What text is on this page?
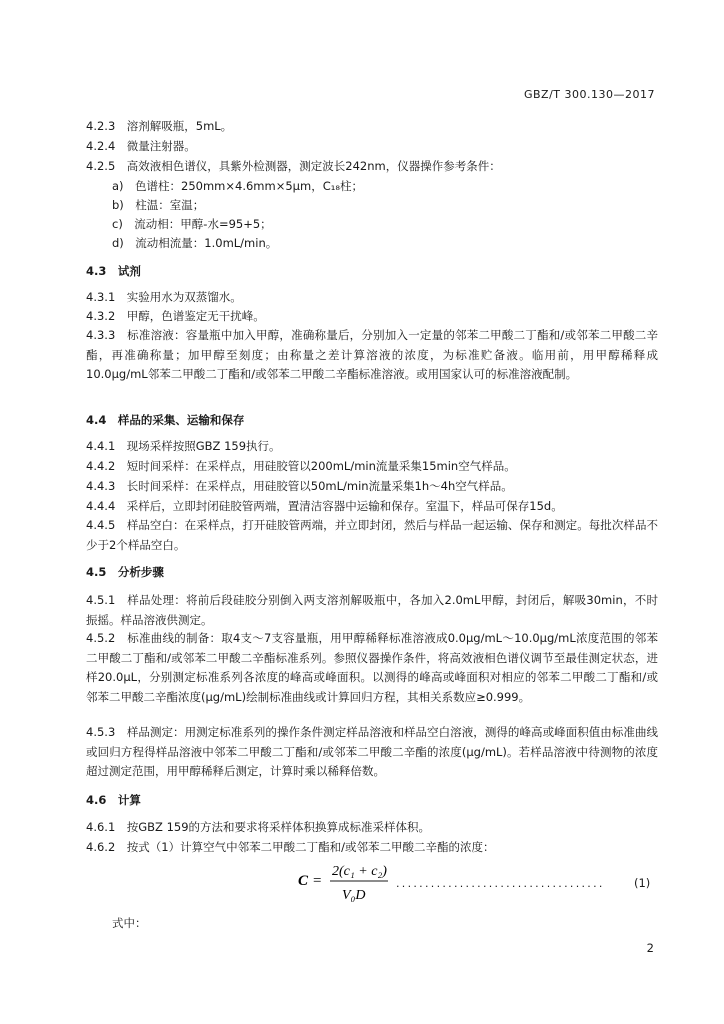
GBZ/T 300.130—2017
4.2.3　溶剂解吸瓶，5mL。
4.2.4　微量注射器。
4.2.5　高效液相色谱仪，具紫外检测器，测定波长242nm，仪器操作参考条件：
a)　色谱柱：250mm×4.6mm×5μm，C₁₈柱；
b)　柱温：室温；
c)　流动相：甲醇-水=95+5；
d)　流动相流量：1.0mL/min。
4.3　试剂
4.3.1　实验用水为双蒸馏水。
4.3.2　甲醇，色谱鉴定无干扰峰。
4.3.3　标准溶液：容量瓶中加入甲醇，准确称量后，分别加入一定量的邻苯二甲酸二丁酯和/或邻苯二甲酸二辛酯，再准确称量；加甲醇至刻度；由称量之差计算溶液的浓度，为标准贮备液。临用前，用甲醇稀释成10.0μg/mL邻苯二甲酸二丁酯和/或邻苯二甲酸二辛酯标准溶液。或用国家认可的标准溶液配制。
4.4　样品的采集、运输和保存
4.4.1　现场采样按照GBZ 159执行。
4.4.2　短时间采样：在采样点，用硅胶管以200mL/min流量采集15min空气样品。
4.4.3　长时间采样：在采样点，用硅胶管以50mL/min流量采集1h～4h空气样品。
4.4.4　采样后，立即封闭硅胶管两端，置清洁容器中运输和保存。室温下，样品可保存15d。
4.4.5　样品空白：在采样点，打开硅胶管两端，并立即封闭，然后与样品一起运输、保存和测定。每批次样品不少于2个样品空白。
4.5　分析步骤
4.5.1　样品处理：将前后段硅胶分别倒入两支溶剂解吸瓶中，各加入2.0mL甲醇，封闭后，解吸30min，不时振摇。样品溶液供测定。
4.5.2　标准曲线的制备：取4支～7支容量瓶，用甲醇稀释标准溶液成0.0μg/mL～10.0μg/mL浓度范围的邻苯二甲酸二丁酯和/或邻苯二甲酸二辛酯标准系列。参照仪器操作条件，将高效液相色谱仪调节至最佳测定状态，进样20.0μL，分别测定标准系列各浓度的峰高或峰面积。以测得的峰高或峰面积对相应的邻苯二甲酸二丁酯和/或邻苯二甲酸二辛酯浓度(μg/mL)绘制标准曲线或计算回归方程，其相关系数应≥0.999。
4.5.3　样品测定：用测定标准系列的操作条件测定样品溶液和样品空白溶液，测得的峰高或峰面积值由标准曲线或回归方程得样品溶液中邻苯二甲酸二丁酯和/或邻苯二甲酸二辛酯的浓度(μg/mL)。若样品溶液中待测物的浓度超过测定范围，用甲醇稀释后测定，计算时乘以稀释倍数。
4.6　计算
4.6.1　按GBZ 159的方法和要求将采样体积换算成标准采样体积。
4.6.2　按式（1）计算空气中邻苯二甲酸二丁酯和/或邻苯二甲酸二辛酯的浓度：
C =
2(c₁ + c₂)
V₀D
....................................	(1)
式中：
2
